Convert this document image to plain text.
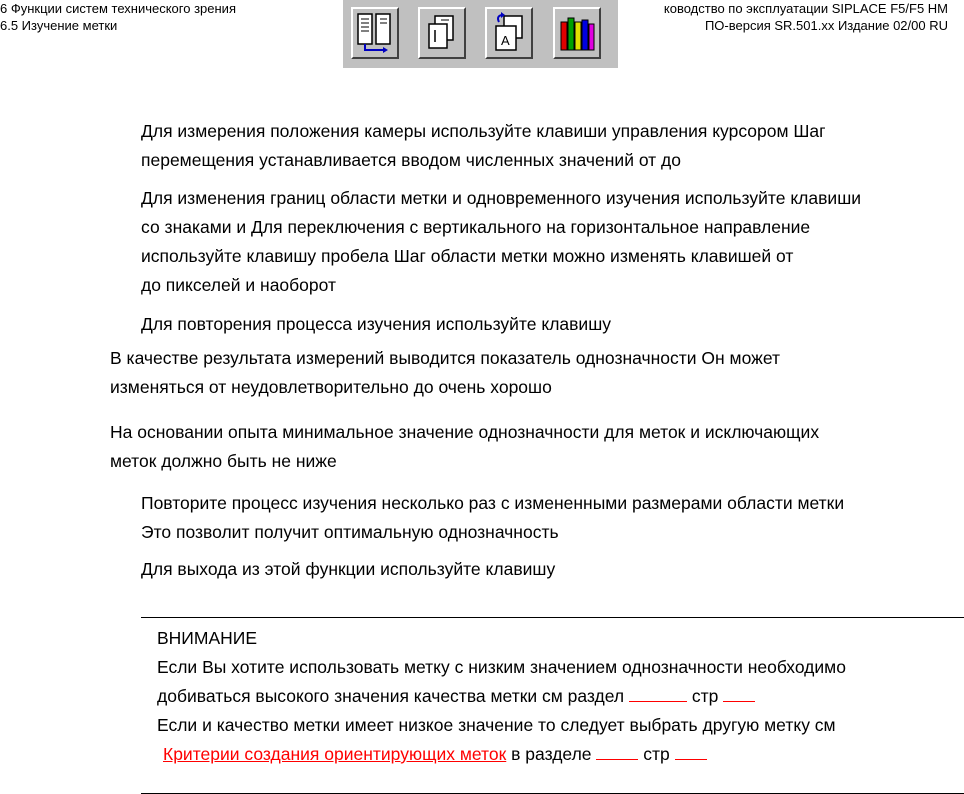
6 Функции систем технического зрения
6.5 Изучение метки
ководство по эксплуатации SIPLACE F5/F5 HM
ПО-версия SR.501.xx Издание 02/00 RU
A
Для измерения положения камеры используйте клавиши управления курсором Шаг
перемещения устанавливается вводом численных значений от до
Для изменения границ области метки и одновременного изучения используйте клавиши
со знаками и Для переключения с вертикального на горизонтальное направление
используйте клавишу пробела Шаг области метки можно изменять клавишей от
до пикселей и наоборот
Для повторения процесса изучения используйте клавишу
В качестве результата измерений выводится показатель однозначности Он может
изменяться от неудовлетворительно до очень хорошо
На основании опыта минимальное значение однозначности для меток и исключающих
меток должно быть не ниже
Повторите процесс изучения несколько раз с измененными размерами области метки
Это позволит получит оптимальную однозначность
Для выхода из этой функции используйте клавишу
ВНИМАНИЕ
Если Вы хотите использовать метку с низким значением однозначности необходимо
добиваться высокого значения качества метки см раздел	стр
Если и качество метки имеет низкое значение то следует выбрать другую метку см
Критерии создания ориентирующих меток в разделе	стр
